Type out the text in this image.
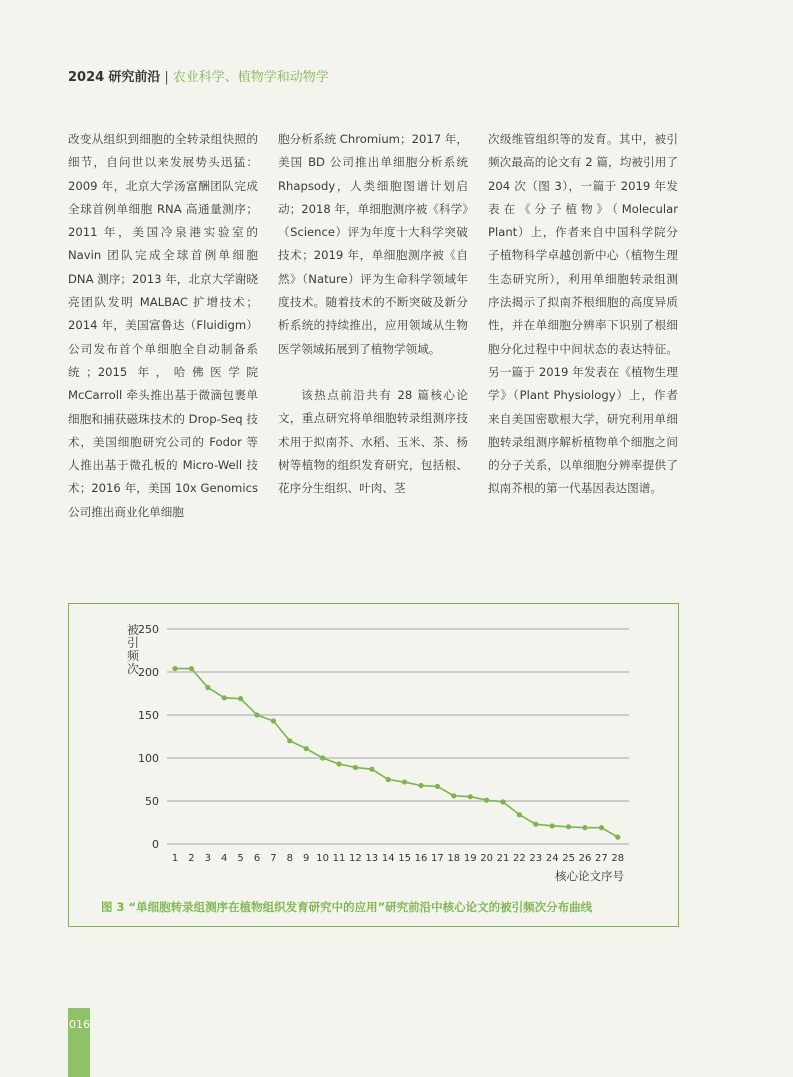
2024 研究前沿 | 农业科学、植物学和动物学

改变从组织到细胞的全转录组快照的细节，自问世以来发展势头迅猛：2009 年，北京大学汤富酬团队完成全球首例单细胞 RNA 高通量测序；2011 年，美国冷泉港实验室的 Navin 团队完成全球首例单细胞 DNA 测序；2013 年，北京大学谢晓亮团队发明 MALBAC 扩增技术；2014 年，美国富鲁达（Fluidigm）公司发布首个单细胞全自动制备系统；2015 年，哈佛医学院 McCarroll 牵头推出基于微滴包裹单细胞和捕获磁珠技术的 Drop-Seq 技术，美国细胞研究公司的 Fodor 等人推出基于微孔板的 Micro-Well 技术；2016 年，美国 10x Genomics 公司推出商业化单细胞

胞分析系统 Chromium；2017 年，美国 BD 公司推出单细胞分析系统 Rhapsody，人类细胞图谱计划启动；2018 年，单细胞测序被《科学》（Science）评为年度十大科学突破技术；2019 年，单细胞测序被《自然》（Nature）评为生命科学领域年度技术。随着技术的不断突破及新分析系统的持续推出，应用领域从生物医学领域拓展到了植物学领域。

该热点前沿共有 28 篇核心论文，重点研究将单细胞转录组测序技术用于拟南芥、水稻、玉米、茶、杨树等植物的组织发育研究，包括根、花序分生组织、叶肉、茎

次级维管组织等的发育。其中，被引频次最高的论文有 2 篇，均被引用了 204 次（图 3），一篇于 2019 年发表在《分子植物》（Molecular Plant）上，作者来自中国科学院分子植物科学卓越创新中心（植物生理生态研究所），利用单细胞转录组测序法揭示了拟南芥根细胞的高度异质性，并在单细胞分辨率下识别了根细胞分化过程中中间状态的表达特征。另一篇于 2019 年发表在《植物生理学》（Plant Physiology）上，作者来自美国密歇根大学，研究利用单细胞转录组测序解析植物单个细胞之间的分子关系，以单细胞分辨率提供了拟南芥根的第一代基因表达图谱。

0
50
100
150
200
250
1 2 3 4 5 6 7 8 9 10 11 12 13 14 15 16 17 18 19 20 21 22 23 24 25 26 27 28
被引频次
核心论文序号
图 3 “单细胞转录组测序在植物组织发育研究中的应用”研究前沿中核心论文的被引频次分布曲线
016
